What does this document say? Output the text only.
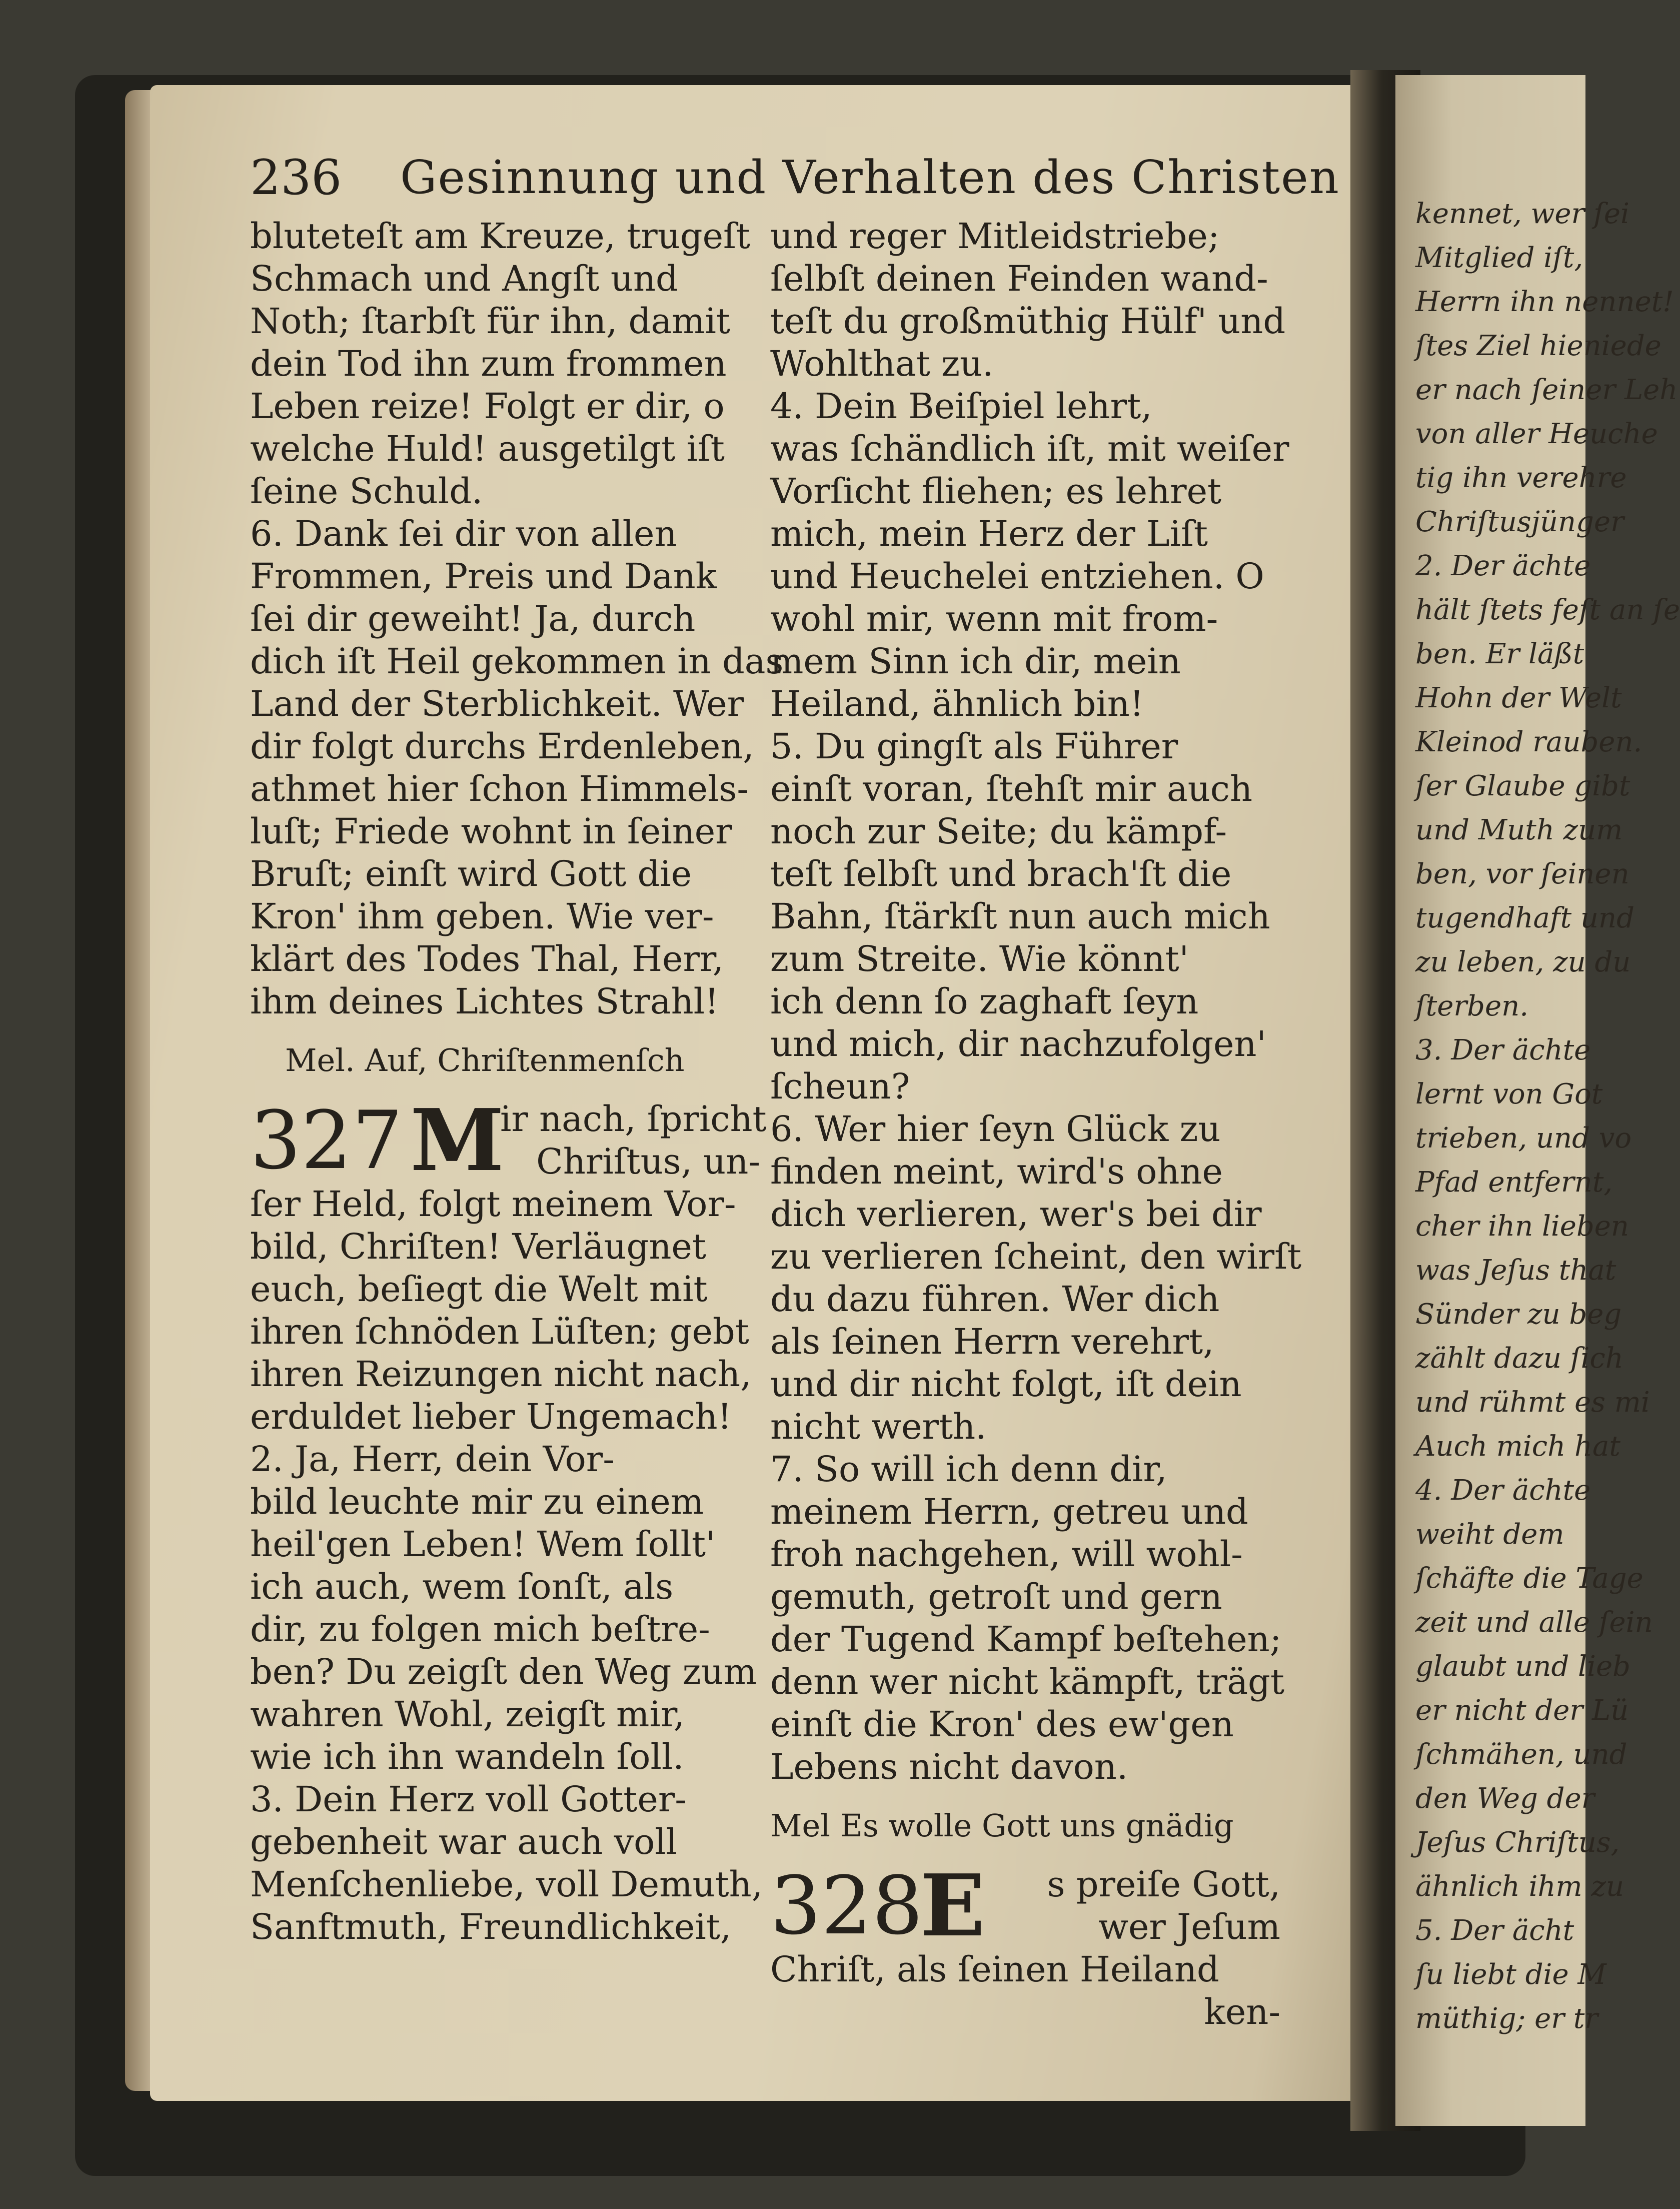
236 Gesinnung und Verhalten des Christen
bluteteſt am Kreuze, trugeſt
Schmach und Angſt und
Noth; ſtarbſt für ihn, damit
dein Tod ihn zum frommen
Leben reize! Folgt er dir, o
welche Huld! ausgetilgt iſt
ſeine Schuld.
6. Dank ſei dir von allen
Frommen, Preis und Dank
ſei dir geweiht! Ja, durch
dich iſt Heil gekommen in das
Land der Sterblichkeit. Wer
dir folgt durchs Erdenleben,
athmet hier ſchon Himmels-
luſt; Friede wohnt in ſeiner
Bruſt; einſt wird Gott die
Kron' ihm geben. Wie ver-
klärt des Todes Thal, Herr,
ihm deines Lichtes Strahl!
Mel. Auf, Chriſtenmenſch
327 M
ir nach, ſpricht
Chriſtus, un-
ſer Held, folgt meinem Vor-
bild, Chriſten! Verläugnet
euch, beſiegt die Welt mit
ihren ſchnöden Lüſten; gebt
ihren Reizungen nicht nach,
erduldet lieber Ungemach!
2. Ja, Herr, dein Vor-
bild leuchte mir zu einem
heil'gen Leben! Wem ſollt'
ich auch, wem ſonſt, als
dir, zu folgen mich beſtre-
ben? Du zeigſt den Weg zum
wahren Wohl, zeigſt mir,
wie ich ihn wandeln ſoll.
3. Dein Herz voll Gotter-
gebenheit war auch voll
Menſchenliebe, voll Demuth,
Sanftmuth, Freundlichkeit,
und reger Mitleidstriebe;
ſelbſt deinen Feinden wand-
teſt du großmüthig Hülf' und
Wohlthat zu.
4. Dein Beiſpiel lehrt,
was ſchändlich iſt, mit weiſer
Vorſicht fliehen; es lehret
mich, mein Herz der Liſt
und Heuchelei entziehen. O
wohl mir, wenn mit from-
mem Sinn ich dir, mein
Heiland, ähnlich bin!
5. Du gingſt als Führer
einſt voran, ſtehſt mir auch
noch zur Seite; du kämpf-
teſt ſelbſt und brach'ſt die
Bahn, ſtärkſt nun auch mich
zum Streite. Wie könnt'
ich denn ſo zaghaft ſeyn
und mich, dir nachzufolgen'
ſcheun?
6. Wer hier ſeyn Glück zu
finden meint, wird's ohne
dich verlieren, wer's bei dir
zu verlieren ſcheint, den wirſt
du dazu führen. Wer dich
als ſeinen Herrn verehrt,
und dir nicht folgt, iſt dein
nicht werth.
7. So will ich denn dir,
meinem Herrn, getreu und
froh nachgehen, will wohl-
gemuth, getroſt und gern
der Tugend Kampf beſtehen;
denn wer nicht kämpft, trägt
einſt die Kron' des ew'gen
Lebens nicht davon.
Mel Es wolle Gott uns gnädig
328
E	s preiſe Gott,
wer Jeſum
Chriſt, als ſeinen Heiland
ken-
kennet, wer ſei
Mitglied iſt,
Herrn ihn nennet!
ſtes Ziel hieniede
er nach ſeiner Leh
von aller Heuche
tig ihn verehre
Chriſtusjünger
2. Der ächte
hält ſtets feſt an ſe
ben. Er läßt
Hohn der Welt
Kleinod rauben.
ſer Glaube gibt
und Muth zum
ben, vor ſeinen
tugendhaft und
zu leben, zu du
ſterben.
3. Der ächte
lernt von Got
trieben, und vo
Pfad entfernt,
cher ihn lieben
was Jeſus that
Sünder zu beg
zählt dazu ſich
und rühmt es mi
Auch mich hat
4. Der ächte
weiht dem
ſchäfte die Tage
zeit und alle ſein
glaubt und lieb
er nicht der Lü
ſchmähen, und
den Weg der
Jeſus Chriſtus,
ähnlich ihm zu
5. Der ächt
ſu liebt die M
müthig; er tr
